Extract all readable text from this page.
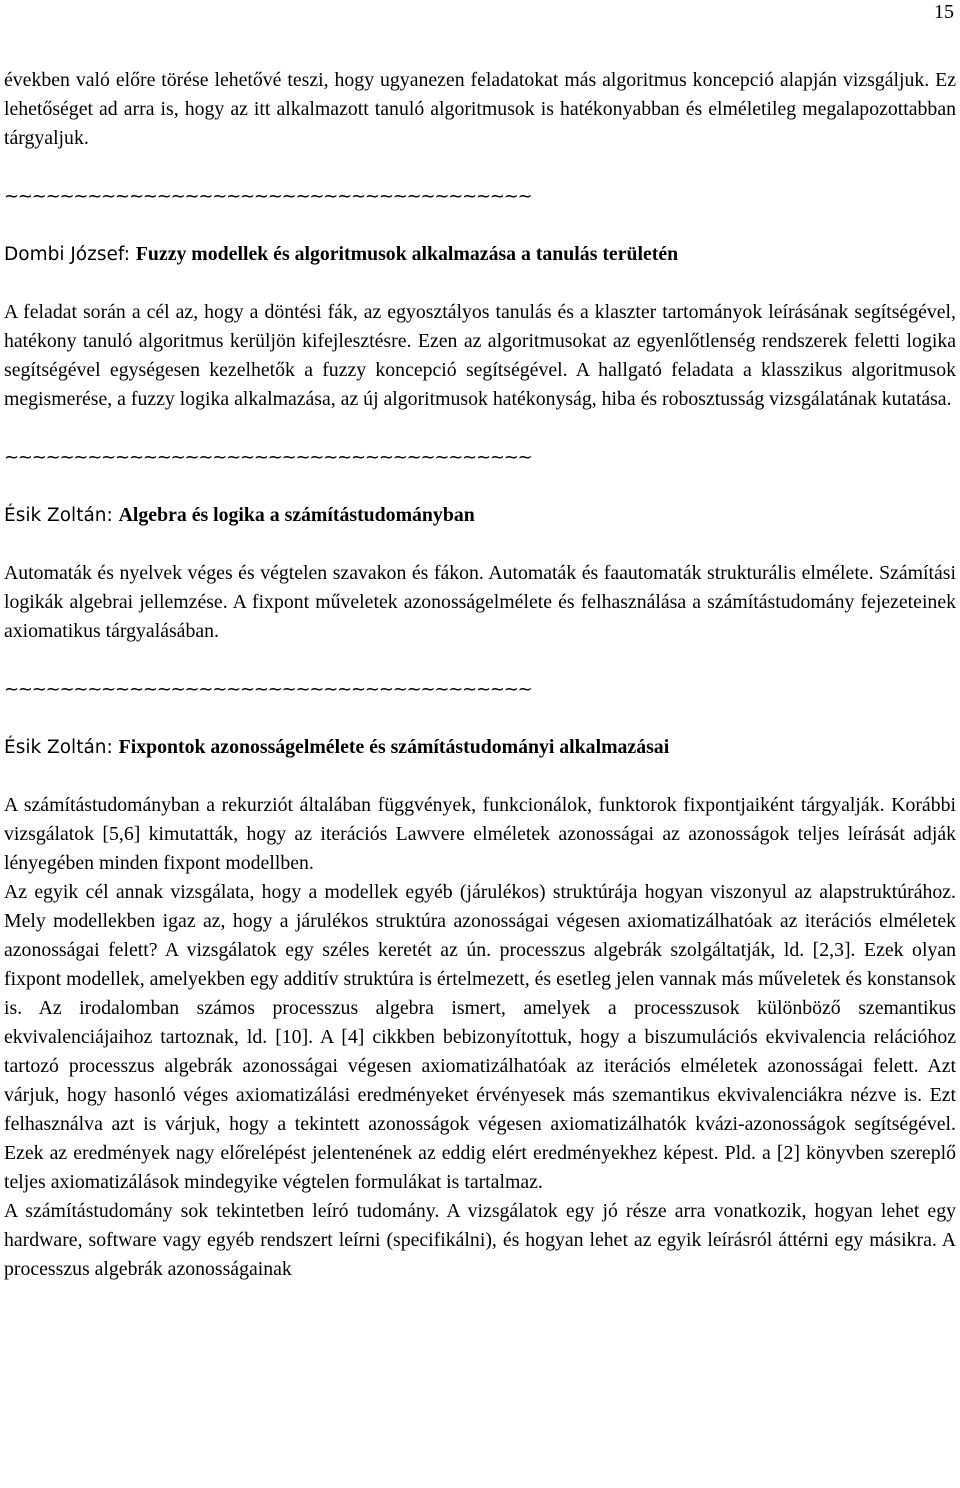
15

években való előre törése lehetővé teszi, hogy ugyanezen feladatokat más algoritmus koncepció alapján vizsgáljuk. Ez lehetőséget ad arra is, hogy az itt alkalmazott tanuló algoritmusok is hatékonyabban és elméletileg megalapozottabban tárgyaljuk.

~~~~~~~~~~~~~~~~~~~~~~~~~~~~~~~~~~~~~~
Dombi József: Fuzzy modellek és algoritmusok alkalmazása a tanulás területén

A feladat során a cél az, hogy a döntési fák, az egyosztályos tanulás és a klaszter tartományok leírásának segítségével, hatékony tanuló algoritmus kerüljön kifejlesztésre. Ezen az algoritmusokat az egyenlőtlenség rendszerek feletti logika segítségével egységesen kezelhetők a fuzzy koncepció segítségével. A hallgató feladata a klasszikus algoritmusok megismerése, a fuzzy logika alkalmazása, az új algoritmusok hatékonyság, hiba és robosztusság vizsgálatának kutatása.

~~~~~~~~~~~~~~~~~~~~~~~~~~~~~~~~~~~~~~
Ésik Zoltán: Algebra és logika a számítástudományban

Automaták és nyelvek véges és végtelen szavakon és fákon. Automaták és faautomaták strukturális elmélete. Számítási logikák algebrai jellemzése. A fixpont műveletek azonosságelmélete és felhasználása a számítástudomány fejezeteinek axiomatikus tárgyalásában.

~~~~~~~~~~~~~~~~~~~~~~~~~~~~~~~~~~~~~~
Ésik Zoltán: Fixpontok azonosságelmélete és számítástudományi alkalmazásai

A számítástudományban a rekurziót általában függvények, funkcionálok, funktorok fixpontjaiként tárgyalják. Korábbi vizsgálatok [5,6] kimutatták, hogy az iterációs Lawvere elméletek azonosságai az azonosságok teljes leírását adják lényegében minden fixpont modellben.

Az egyik cél annak vizsgálata, hogy a modellek egyéb (járulékos) struktúrája hogyan viszonyul az alapstruktúrához. Mely modellekben igaz az, hogy a járulékos struktúra azonosságai végesen axiomatizálhatóak az iterációs elméletek azonosságai felett? A vizsgálatok egy széles keretét az ún. processzus algebrák szolgáltatják, ld. [2,3]. Ezek olyan fixpont modellek, amelyekben egy additív struktúra is értelmezett, és esetleg jelen vannak más műveletek és konstansok is. Az irodalomban számos processzus algebra ismert, amelyek a processzusok különböző szemantikus ekvivalenciájaihoz tartoznak, ld. [10]. A [4] cikkben bebizonyítottuk, hogy a biszumulációs ekvivalencia relációhoz tartozó processzus algebrák azonosságai végesen axiomatizálhatóak az iterációs elméletek azonosságai felett. Azt várjuk, hogy hasonló véges axiomatizálási eredményeket érvényesek más szemantikus ekvivalenciákra nézve is. Ezt felhasználva azt is várjuk, hogy a tekintett azonosságok végesen axiomatizálhatók kvázi-azonosságok segítségével. Ezek az eredmények nagy előrelépést jelentenének az eddig elért eredményekhez képest. Pld. a [2] könyvben szereplő teljes axiomatizálások mindegyike végtelen formulákat is tartalmaz.

A számítástudomány sok tekintetben leíró tudomány. A vizsgálatok egy jó része arra vonatkozik, hogyan lehet egy hardware, software vagy egyéb rendszert leírni (specifikálni), és hogyan lehet az egyik leírásról áttérni egy másikra. A processzus algebrák azonosságainak
